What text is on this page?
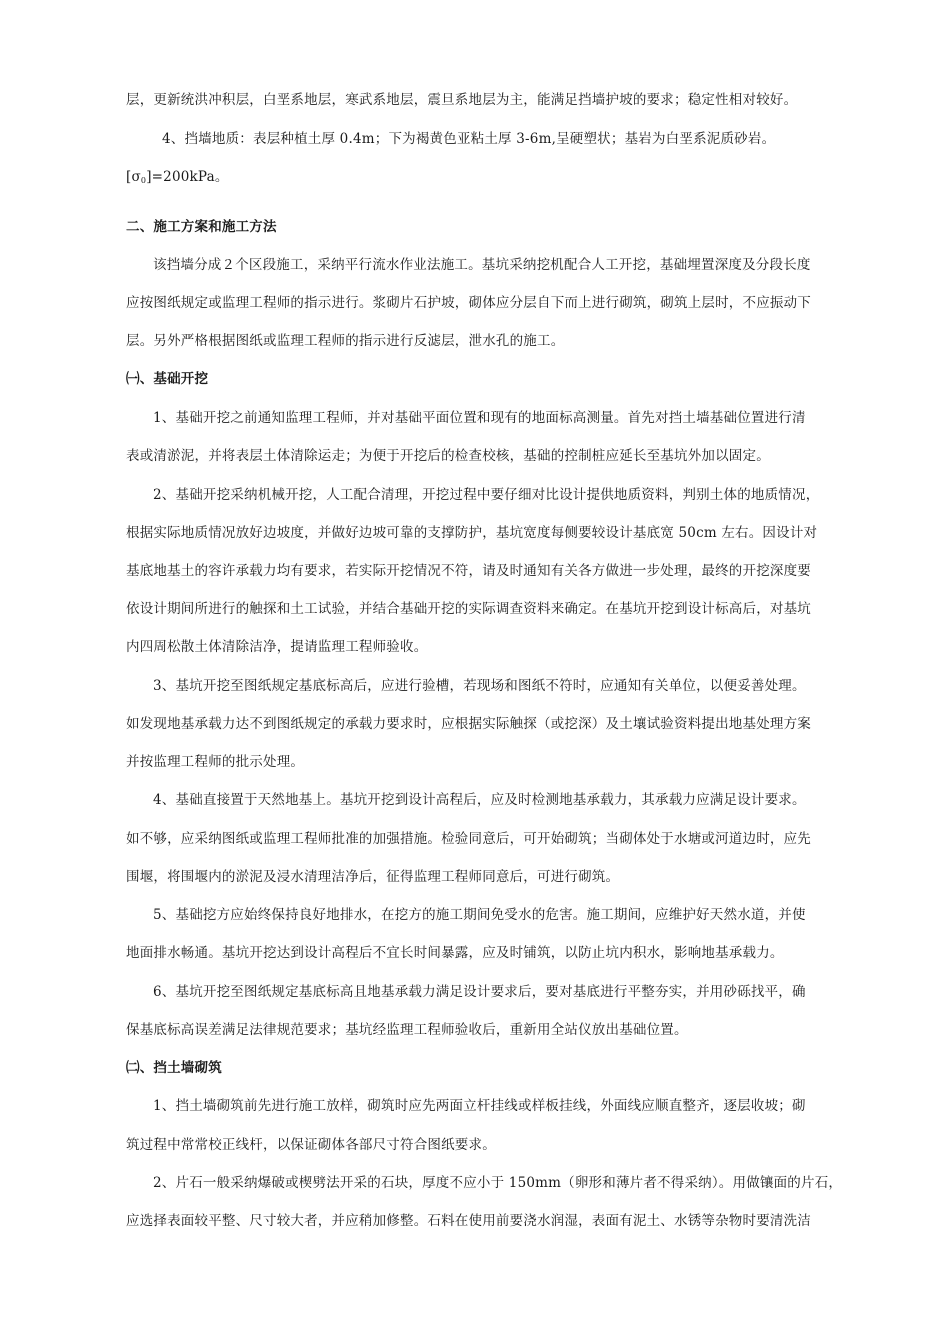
层，更新统洪冲积层，白垩系地层，寒武系地层，震旦系地层为主，能满足挡墙护坡的要求；稳定性相对较好。
4、挡墙地质：表层种植土厚 0.4m；下为褐黄色亚粘土厚 3-6m,呈硬塑状；基岩为白垩系泥质砂岩。
$[\sigma_0]=200kPa$。
二、施工方案和施工方法
该挡墙分成２个区段施工，采纳平行流水作业法施工。基坑采纳挖机配合人工开挖，基础埋置深度及分段长度
应按图纸规定或监理工程师的指示进行。浆砌片石护坡，砌体应分层自下而上进行砌筑，砌筑上层时，不应振动下
层。另外严格根据图纸或监理工程师的指示进行反滤层，泄水孔的施工。
㈠、基础开挖
1、基础开挖之前通知监理工程师，并对基础平面位置和现有的地面标高测量。首先对挡土墙基础位置进行清
表或清淤泥，并将表层土体清除运走；为便于开挖后的检查校核，基础的控制桩应延长至基坑外加以固定。
2、基础开挖采纳机械开挖，人工配合清理，开挖过程中要仔细对比设计提供地质资料，判别土体的地质情况，
根据实际地质情况放好边坡度，并做好边坡可靠的支撑防护，基坑宽度每侧要较设计基底宽 50cm 左右。因设计对
基底地基土的容许承载力均有要求，若实际开挖情况不符，请及时通知有关各方做进一步处理，最终的开挖深度要
依设计期间所进行的触探和土工试验，并结合基础开挖的实际调查资料来确定。在基坑开挖到设计标高后，对基坑
内四周松散土体清除洁净，提请监理工程师验收。
3、基坑开挖至图纸规定基底标高后，应进行验槽，若现场和图纸不符时，应通知有关单位，以便妥善处理。
如发现地基承载力达不到图纸规定的承载力要求时，应根据实际触探（或挖深）及土壤试验资料提出地基处理方案
并按监理工程师的批示处理。
4、基础直接置于天然地基上。基坑开挖到设计高程后，应及时检测地基承载力，其承载力应满足设计要求。
如不够，应采纳图纸或监理工程师批准的加强措施。检验同意后，可开始砌筑；当砌体处于水塘或河道边时，应先
围堰，将围堰内的淤泥及浸水清理洁净后，征得监理工程师同意后，可进行砌筑。
5、基础挖方应始终保持良好地排水，在挖方的施工期间免受水的危害。施工期间，应维护好天然水道，并使
地面排水畅通。基坑开挖达到设计高程后不宜长时间暴露，应及时铺筑，以防止坑内积水，影响地基承载力。
6、基坑开挖至图纸规定基底标高且地基承载力满足设计要求后，要对基底进行平整夯实，并用砂砾找平，确
保基底标高误差满足法律规范要求；基坑经监理工程师验收后，重新用全站仪放出基础位置。
㈡、挡土墙砌筑
1、挡土墙砌筑前先进行施工放样，砌筑时应先两面立杆挂线或样板挂线，外面线应顺直整齐，逐层收坡；砌
筑过程中常常校正线杆，以保证砌体各部尺寸符合图纸要求。
2、片石一般采纳爆破或楔劈法开采的石块，厚度不应小于 150mm（卵形和薄片者不得采纳）。用做镶面的片石，
应选择表面较平整、尺寸较大者，并应稍加修整。石料在使用前要浇水润湿，表面有泥土、水锈等杂物时要清洗洁
